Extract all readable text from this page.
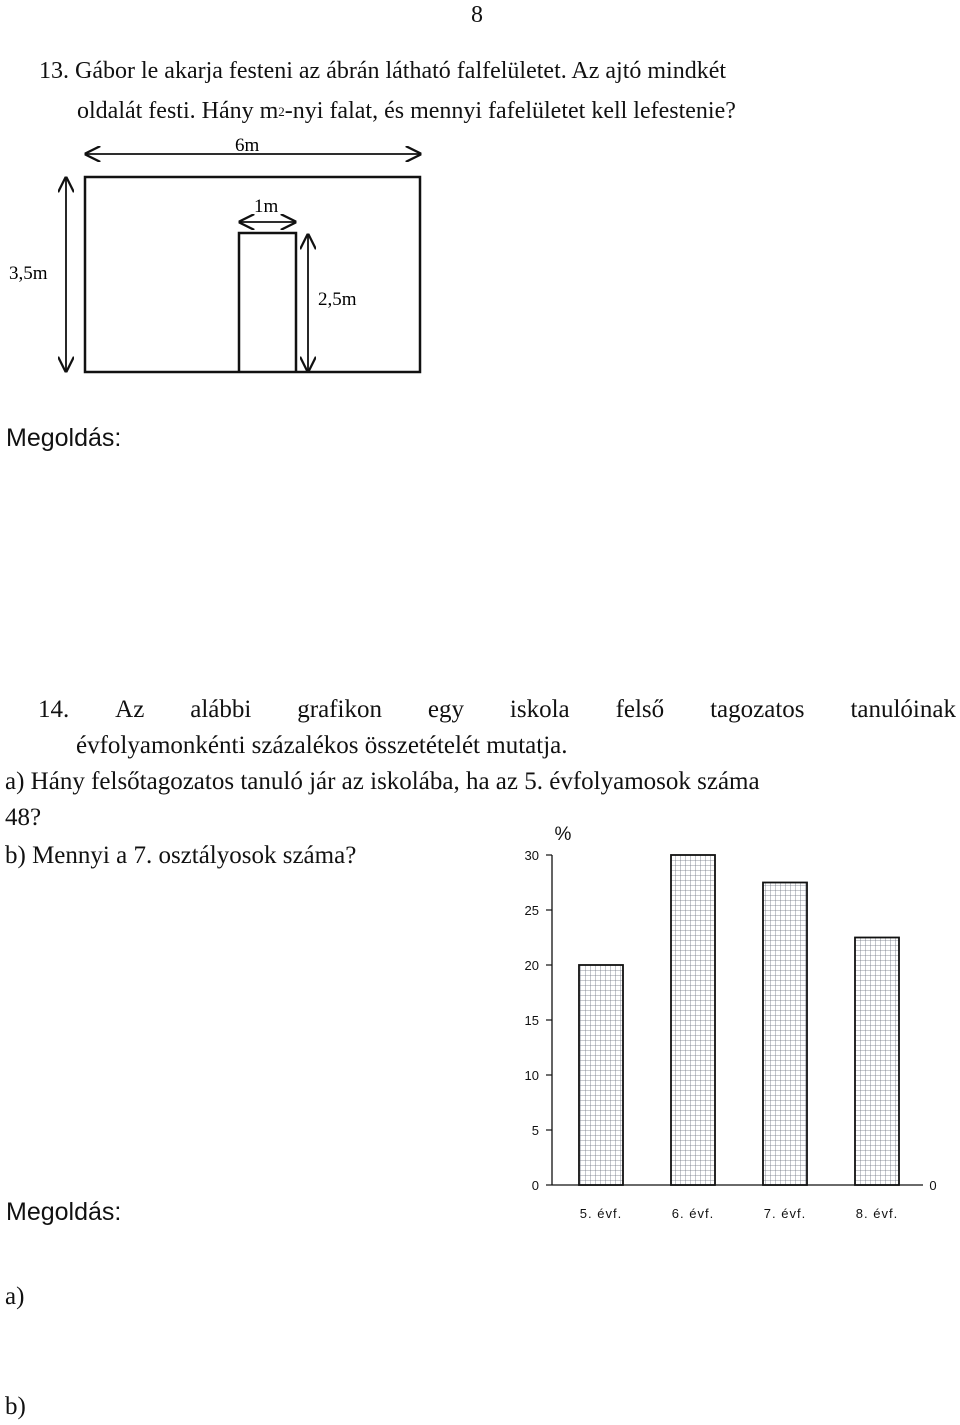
8
13. Gábor le akarja festeni az ábrán látható falfelületet. Az ajtó mindkét
oldalát festi. Hány $m^2$-nyi falat, és mennyi fafelületet kell lefestenie?
6m
1m
3,5m
2,5m
Megoldás:
14. Az alábbi grafikon egy iskola felső tagozatos tanulóinak
évfolyamonkénti százalékos összetételét mutatja.
a) Hány felsőtagozatos tanuló jár az iskolába, ha az 5. évfolyamosok száma
48?
b) Mennyi a 7. osztályosok száma?
0
5
10
15
20
25
30
%
0
5. évf.	6. évf.	7. évf.	8. évf.
Megoldás:
a)
b)
